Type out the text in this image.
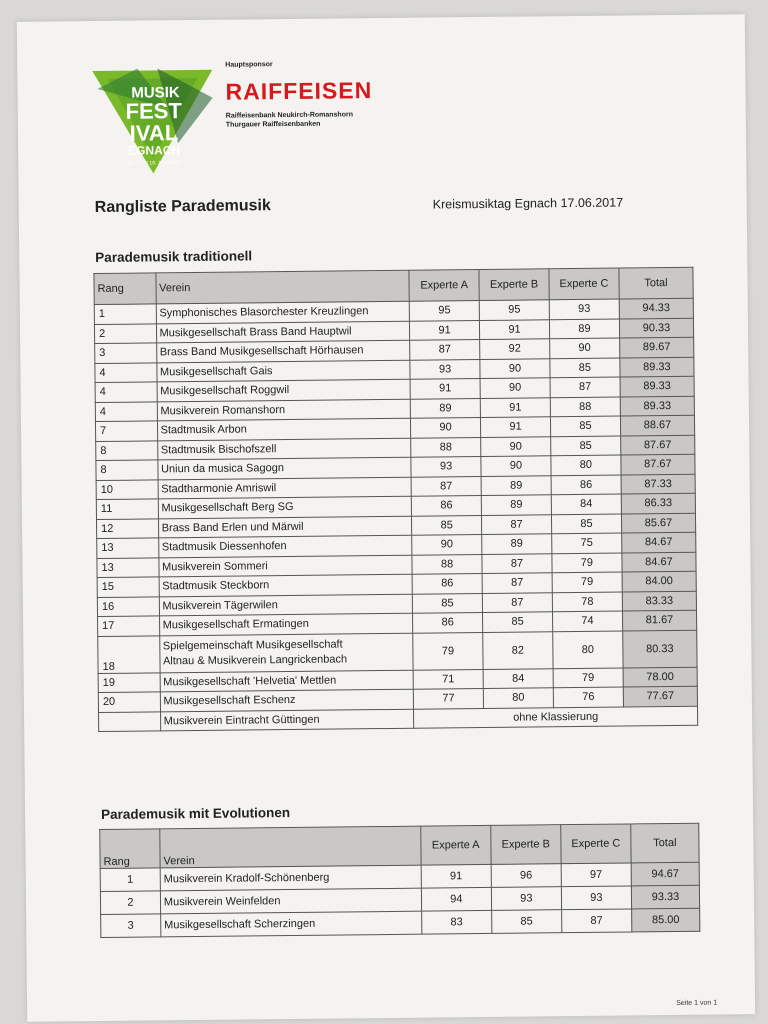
MUSIK
FEST
IVAL
EGNACH
16. / 17. / 18. JUNI 2017
Hauptsponsor
RAIFFEISEN
Raiffeisenbank Neukirch-Romanshorn
Thurgauer Raiffeisenbanken
Rangliste Parademusik	Kreismusiktag Egnach 17.06.2017
Parademusik traditionell
Rang	Verein	Experte A	Experte B	Experte C	Total
1	Symphonisches Blasorchester Kreuzlingen	95	95	93	94.33
2	Musikgesellschaft Brass Band Hauptwil	91	91	89	90.33
3	Brass Band Musikgesellschaft Hörhausen	87	92	90	89.67
4	Musikgesellschaft Gais	93	90	85	89.33
4	Musikgesellschaft Roggwil	91	90	87	89.33
4	Musikverein Romanshorn	89	91	88	89.33
7	Stadtmusik Arbon	90	91	85	88.67
8	Stadtmusik Bischofszell	88	90	85	87.67
8	Uniun da musica Sagogn	93	90	80	87.67
10	Stadtharmonie Amriswil	87	89	86	87.33
11	Musikgesellschaft Berg SG	86	89	84	86.33
12	Brass Band Erlen und Märwil	85	87	85	85.67
13	Stadtmusik Diessenhofen	90	89	75	84.67
13	Musikverein Sommeri	88	87	79	84.67
15	Stadtmusik Steckborn	86	87	79	84.00
16	Musikverein Tägerwilen	85	87	78	83.33
17	Musikgesellschaft Ermatingen	86	85	74	81.67
18	Spielgemeinschaft Musikgesellschaft
Altnau & Musikverein Langrickenbach	79	82	80	80.33
19	Musikgesellschaft 'Helvetia' Mettlen	71	84	79	78.00
20	Musikgesellschaft Eschenz	77	80	76	77.67
	Musikverein Eintracht Güttingen	ohne Klassierung			
Parademusik mit Evolutionen
Rang	Verein	Experte A	Experte B	Experte C	Total
1	Musikverein Kradolf-Schönenberg	91	96	97	94.67
2	Musikverein Weinfelden	94	93	93	93.33
3	Musikgesellschaft Scherzingen	83	85	87	85.00
Seite 1 von 1
